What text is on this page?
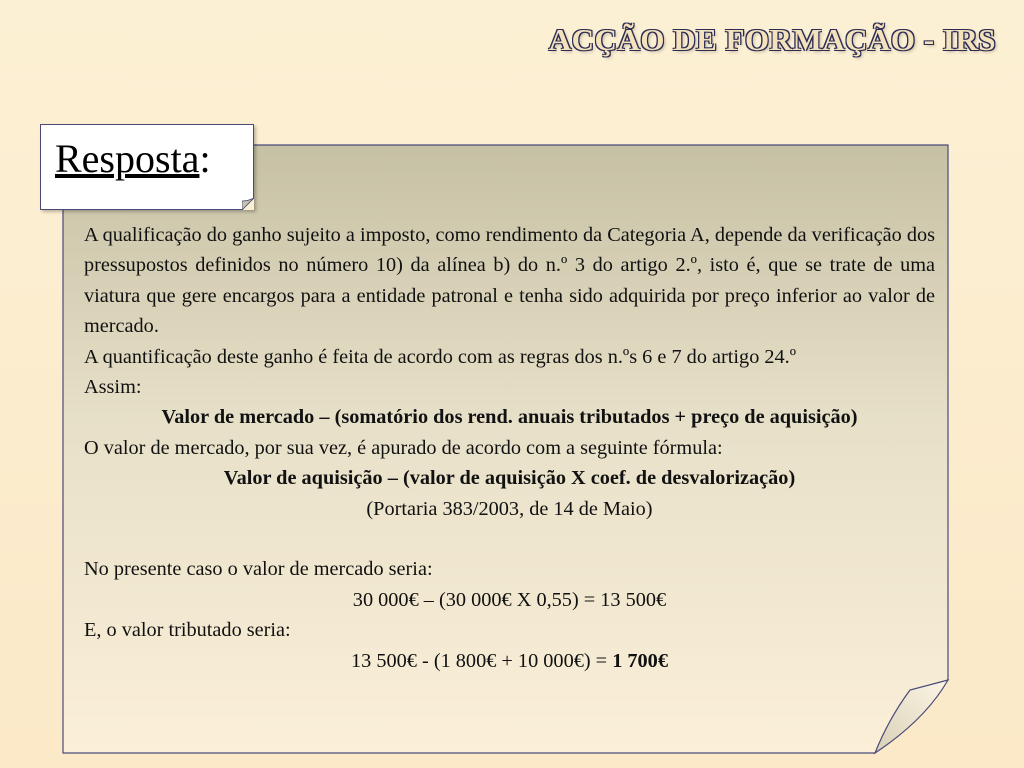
ACÇÃO DE FORMAÇÃO - IRS
Resposta:

A qualificação do ganho sujeito a imposto, como rendimento da Categoria A, depende da verificação dos pressupostos definidos no número 10) da alínea b) do n.º 3 do artigo 2.º, isto é, que se trate de uma viatura que gere encargos para a entidade patronal e tenha sido adquirida por preço inferior ao valor de mercado.

A quantificação deste ganho é feita de acordo com as regras dos n.ºs 6 e 7 do artigo 24.º

Assim:

Valor de mercado – (somatório dos rend. anuais tributados + preço de aquisição)

O valor de mercado, por sua vez, é apurado de acordo com a seguinte fórmula:

Valor de aquisição – (valor de aquisição X coef. de desvalorização)

(Portaria 383/2003, de 14 de Maio)

No presente caso o valor de mercado seria:

30 000€ – (30 000€ X 0,55) = 13 500€

E, o valor tributado seria:

13 500€ - (1 800€ + 10 000€) = 1 700€
